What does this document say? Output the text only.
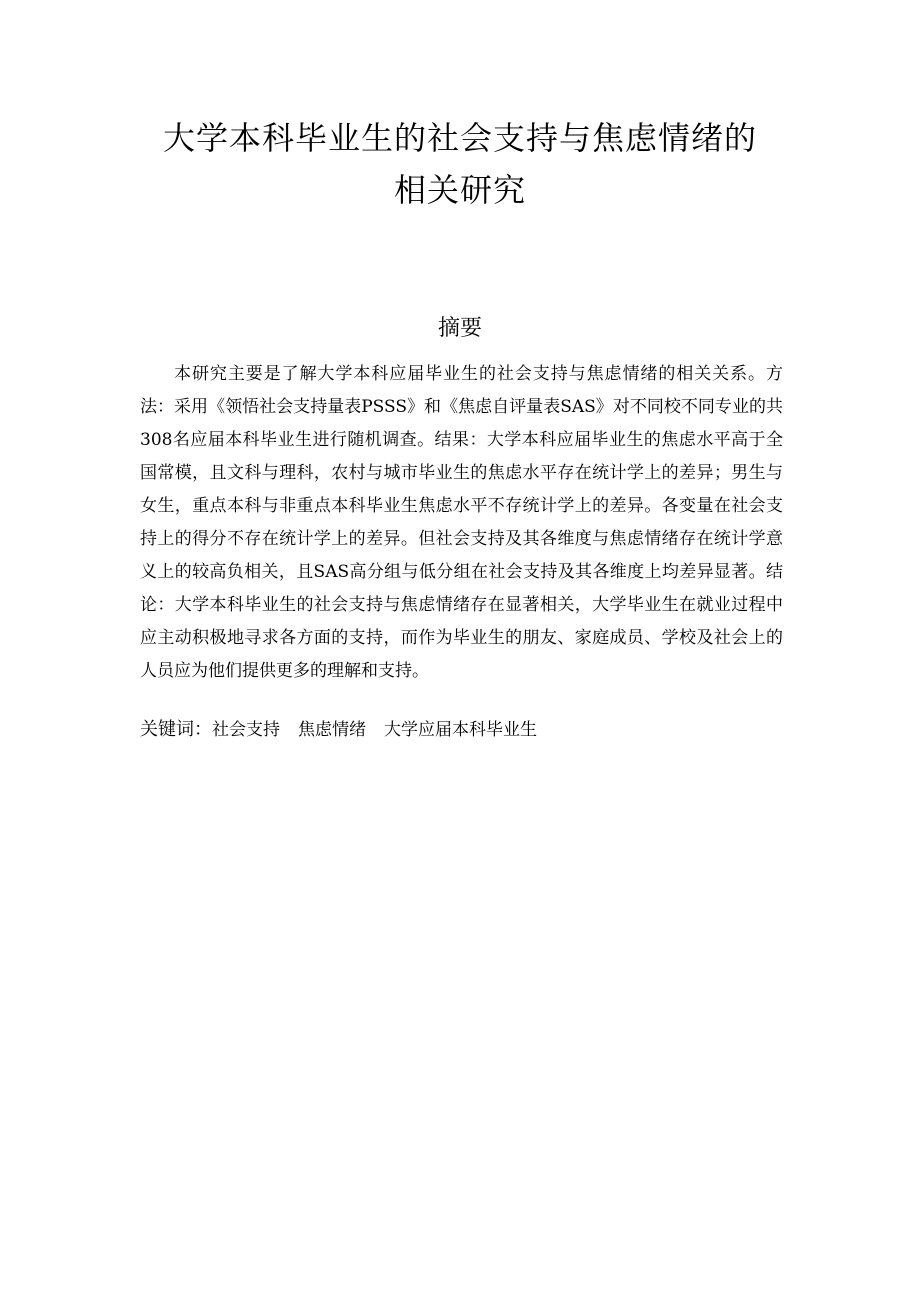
大学本科毕业生的社会支持与焦虑情绪的
相关研究
摘要

本研究主要是了解大学本科应届毕业生的社会支持与焦虑情绪的相关关系。方法：采用《领悟社会支持量表PSSS》和《焦虑自评量表SAS》对不同校不同专业的共308名应届本科毕业生进行随机调查。结果：大学本科应届毕业生的焦虑水平高于全国常模，且文科与理科，农村与城市毕业生的焦虑水平存在统计学上的差异；男生与女生，重点本科与非重点本科毕业生焦虑水平不存统计学上的差异。各变量在社会支持上的得分不存在统计学上的差异。但社会支持及其各维度与焦虑情绪存在统计学意义上的较高负相关，且SAS高分组与低分组在社会支持及其各维度上均差异显著。结论：大学本科毕业生的社会支持与焦虑情绪存在显著相关，大学毕业生在就业过程中应主动积极地寻求各方面的支持，而作为毕业生的朋友、家庭成员、学校及社会上的人员应为他们提供更多的理解和支持。

关键词：社会支持 焦虑情绪 大学应届本科毕业生
